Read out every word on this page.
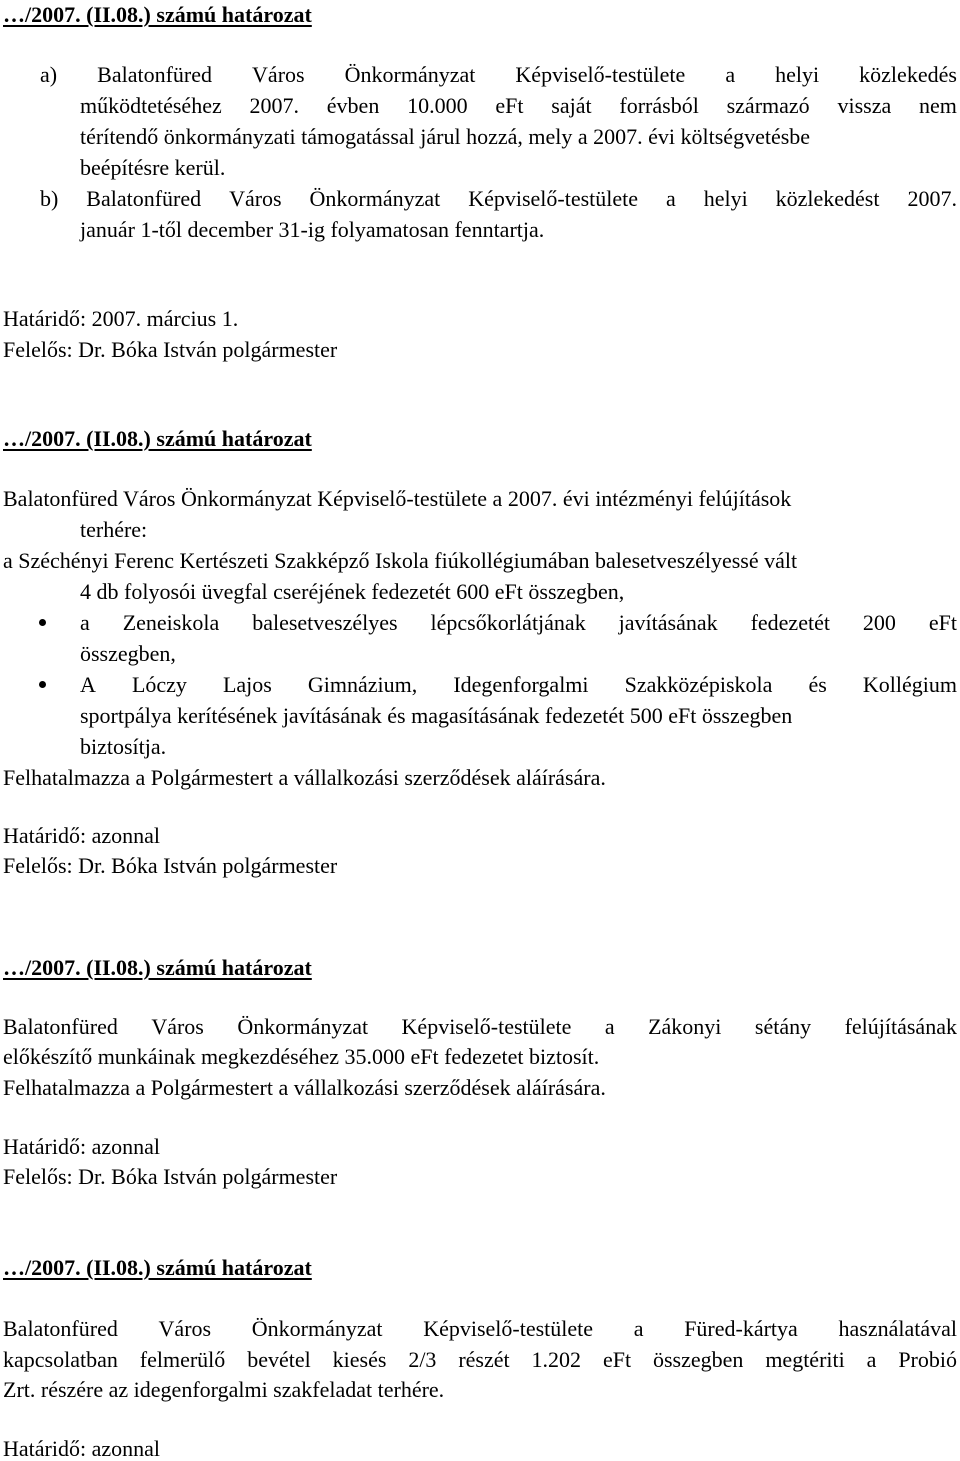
…/2007. (II.08.) számú határozat
a) Balatonfüred Város Önkormányzat Képviselő-testülete a helyi közlekedés
működtetéséhez 2007. évben 10.000 eFt saját forrásból származó vissza nem
térítendő önkormányzati támogatással járul hozzá, mely a 2007. évi költségvetésbe
beépítésre kerül.
b) Balatonfüred Város Önkormányzat Képviselő-testülete a helyi közlekedést 2007.
január 1-től december 31-ig folyamatosan fenntartja.
Határidő: 2007. március 1.
Felelős: Dr. Bóka István polgármester
…/2007. (II.08.) számú határozat
Balatonfüred Város Önkormányzat Képviselő-testülete a 2007. évi intézményi felújítások
terhére:
a Széchényi Ferenc Kertészeti Szakképző Iskola fiúkollégiumában balesetveszélyessé vált
4 db folyosói üvegfal cseréjének fedezetét 600 eFt összegben,
a Zeneiskola balesetveszélyes lépcsőkorlátjának javításának fedezetét 200 eFt
összegben,
A Lóczy Lajos Gimnázium, Idegenforgalmi Szakközépiskola és Kollégium
sportpálya kerítésének javításának és magasításának fedezetét 500 eFt összegben
biztosítja.
Felhatalmazza a Polgármestert a vállalkozási szerződések aláírására.
Határidő: azonnal
Felelős: Dr. Bóka István polgármester
…/2007. (II.08.) számú határozat
Balatonfüred Város Önkormányzat Képviselő-testülete a Zákonyi sétány felújításának
előkészítő munkáinak megkezdéséhez 35.000 eFt fedezetet biztosít.
Felhatalmazza a Polgármestert a vállalkozási szerződések aláírására.
Határidő: azonnal
Felelős: Dr. Bóka István polgármester
…/2007. (II.08.) számú határozat
Balatonfüred Város Önkormányzat Képviselő-testülete a Füred-kártya használatával
kapcsolatban felmerülő bevétel kiesés 2/3 részét 1.202 eFt összegben megtériti a Probió
Zrt. részére az idegenforgalmi szakfeladat terhére.
Határidő: azonnal
